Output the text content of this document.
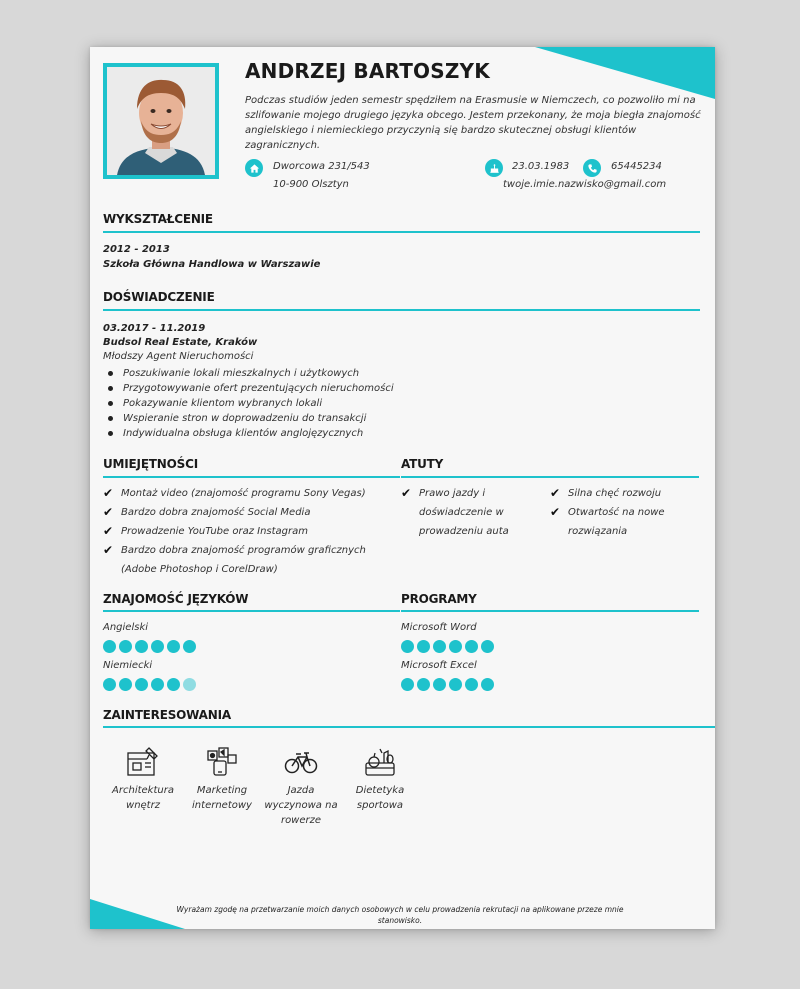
ANDRZEJ BARTOSZYK
Podczas studiów jeden semestr spędziłem na Erasmusie w Niemczech, co pozwoliło mi na szlifowanie mojego drugiego języka obcego. Jestem przekonany, że moja biegła znajomość angielskiego i niemieckiego przyczynią się bardzo skutecznej obsługi klientów zagranicznych.
Dworcowa 231/543
10-900 Olsztyn
23.03.1983	65445234
twoje.imie.nazwisko@gmail.com
WYKSZTAŁCENIE
2012 - 2013
Szkoła Główna Handlowa w Warszawie
DOŚWIADCZENIE
03.2017 - 11.2019
Budsol Real Estate, Kraków
Młodszy Agent Nieruchomości
Poszukiwanie lokali mieszkalnych i użytkowych
Przygotowywanie ofert prezentujących nieruchomości
Pokazywanie klientom wybranych lokali
Wspieranie stron w doprowadzeniu do transakcji
Indywidualna obsługa klientów anglojęzycznych
UMIEJĘTNOŚCI
✔ Montaż video (znajomość programu Sony Vegas)
✔ Bardzo dobra znajomość Social Media
✔ Prowadzenie YouTube oraz Instagram
✔ Bardzo dobra znajomość programów graficznych (Adobe Photoshop i CorelDraw)
ATUTY
✔ Prawo jazdy i doświadczenie w prowadzeniu auta
✔ Silna chęć rozwoju
✔ Otwartość na nowe rozwiązania
ZNAJOMOŚĆ JĘZYKÓW
Angielski
Niemiecki
PROGRAMY
Microsoft Word
Microsoft Excel
ZAINTERESOWANIA
Architektura wnętrz
Marketing internetowy
Jazda wyczynowa na rowerze
Dietetyka sportowa
Wyrażam zgodę na przetwarzanie moich danych osobowych w celu prowadzenia rekrutacji na aplikowane przeze mnie stanowisko.
